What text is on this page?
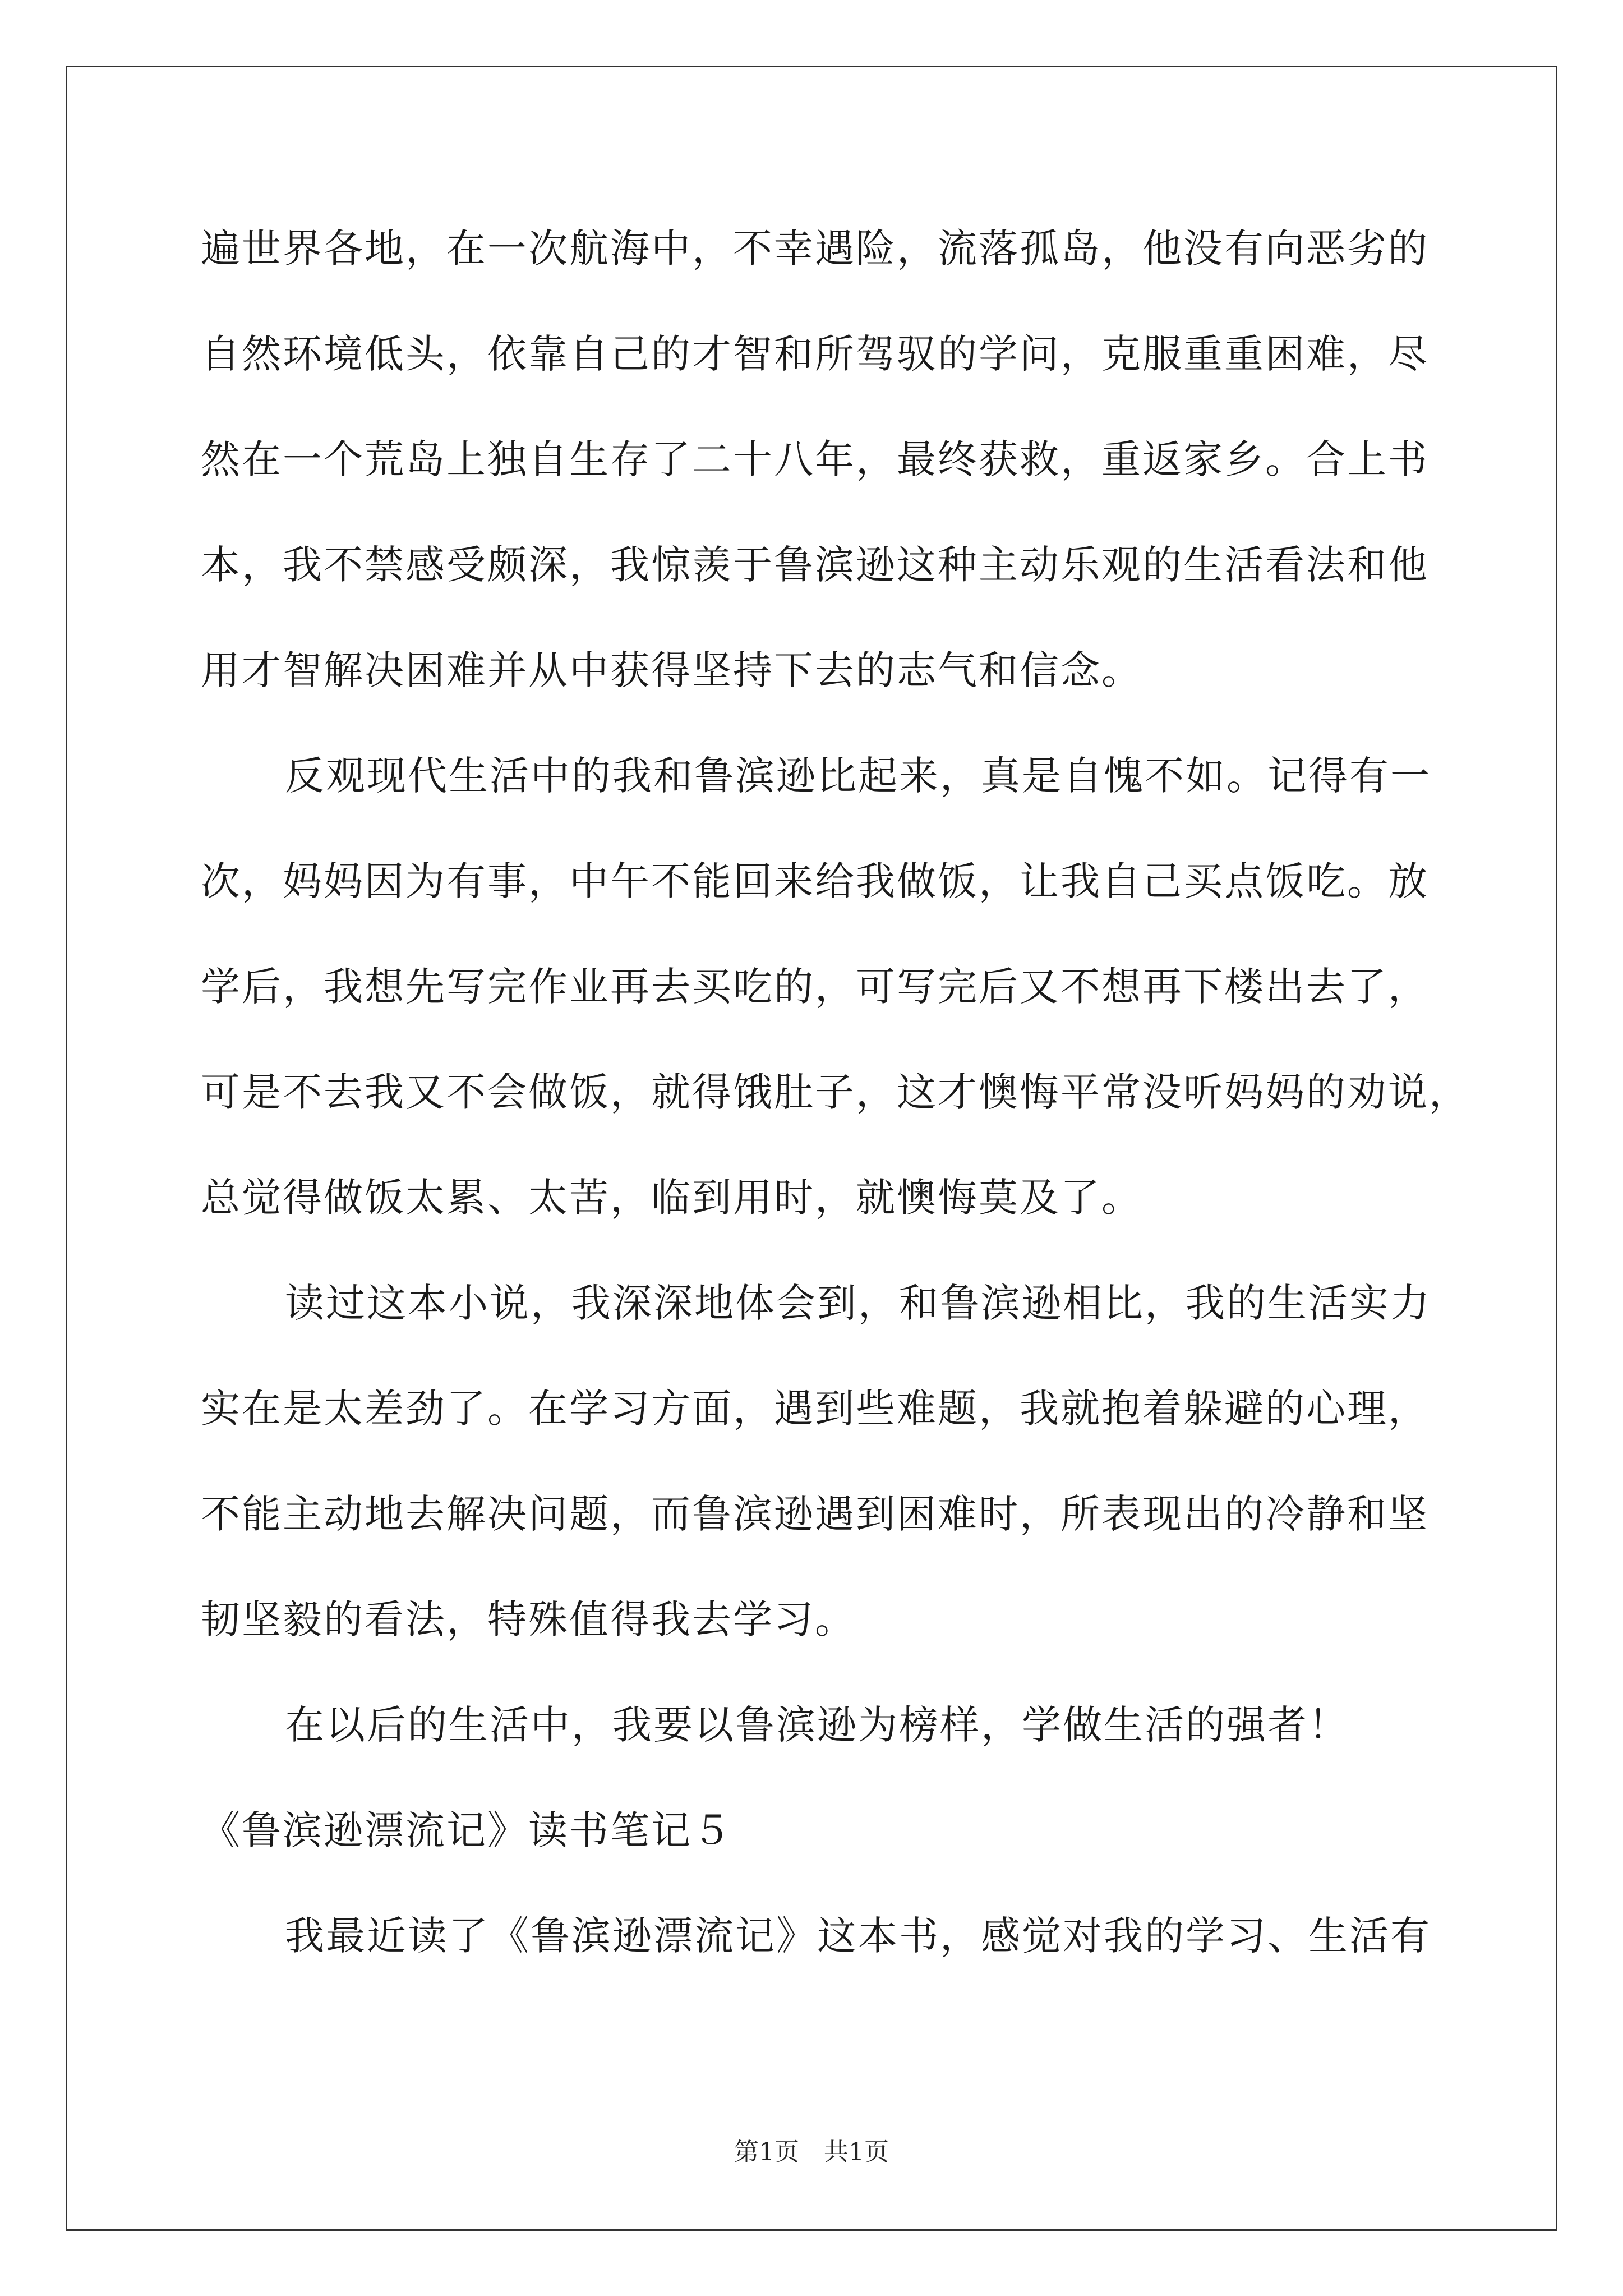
遍世界各地，在一次航海中，不幸遇险，流落孤岛，他没有向恶劣的
自然环境低头，依靠自己的才智和所驾驭的学问，克服重重困难，尽
然在一个荒岛上独自生存了二十八年，最终获救，重返家乡。合上书
本，我不禁感受颇深，我惊羡于鲁滨逊这种主动乐观的生活看法和他
用才智解决困难并从中获得坚持下去的志气和信念。
反观现代生活中的我和鲁滨逊比起来，真是自愧不如。记得有一
次，妈妈因为有事，中午不能回来给我做饭，让我自己买点饭吃。放
学后，我想先写完作业再去买吃的，可写完后又不想再下楼出去了，
可是不去我又不会做饭，就得饿肚子，这才懊悔平常没听妈妈的劝说，
总觉得做饭太累、太苦，临到用时，就懊悔莫及了。
读过这本小说，我深深地体会到，和鲁滨逊相比，我的生活实力
实在是太差劲了。在学习方面，遇到些难题，我就抱着躲避的心理，
不能主动地去解决问题，而鲁滨逊遇到困难时，所表现出的冷静和坚
韧坚毅的看法，特殊值得我去学习。
在以后的生活中，我要以鲁滨逊为榜样，学做生活的强者！
《鲁滨逊漂流记》读书笔记５
我最近读了《鲁滨逊漂流记》这本书，感觉对我的学习、生活有
第1页　共1页
